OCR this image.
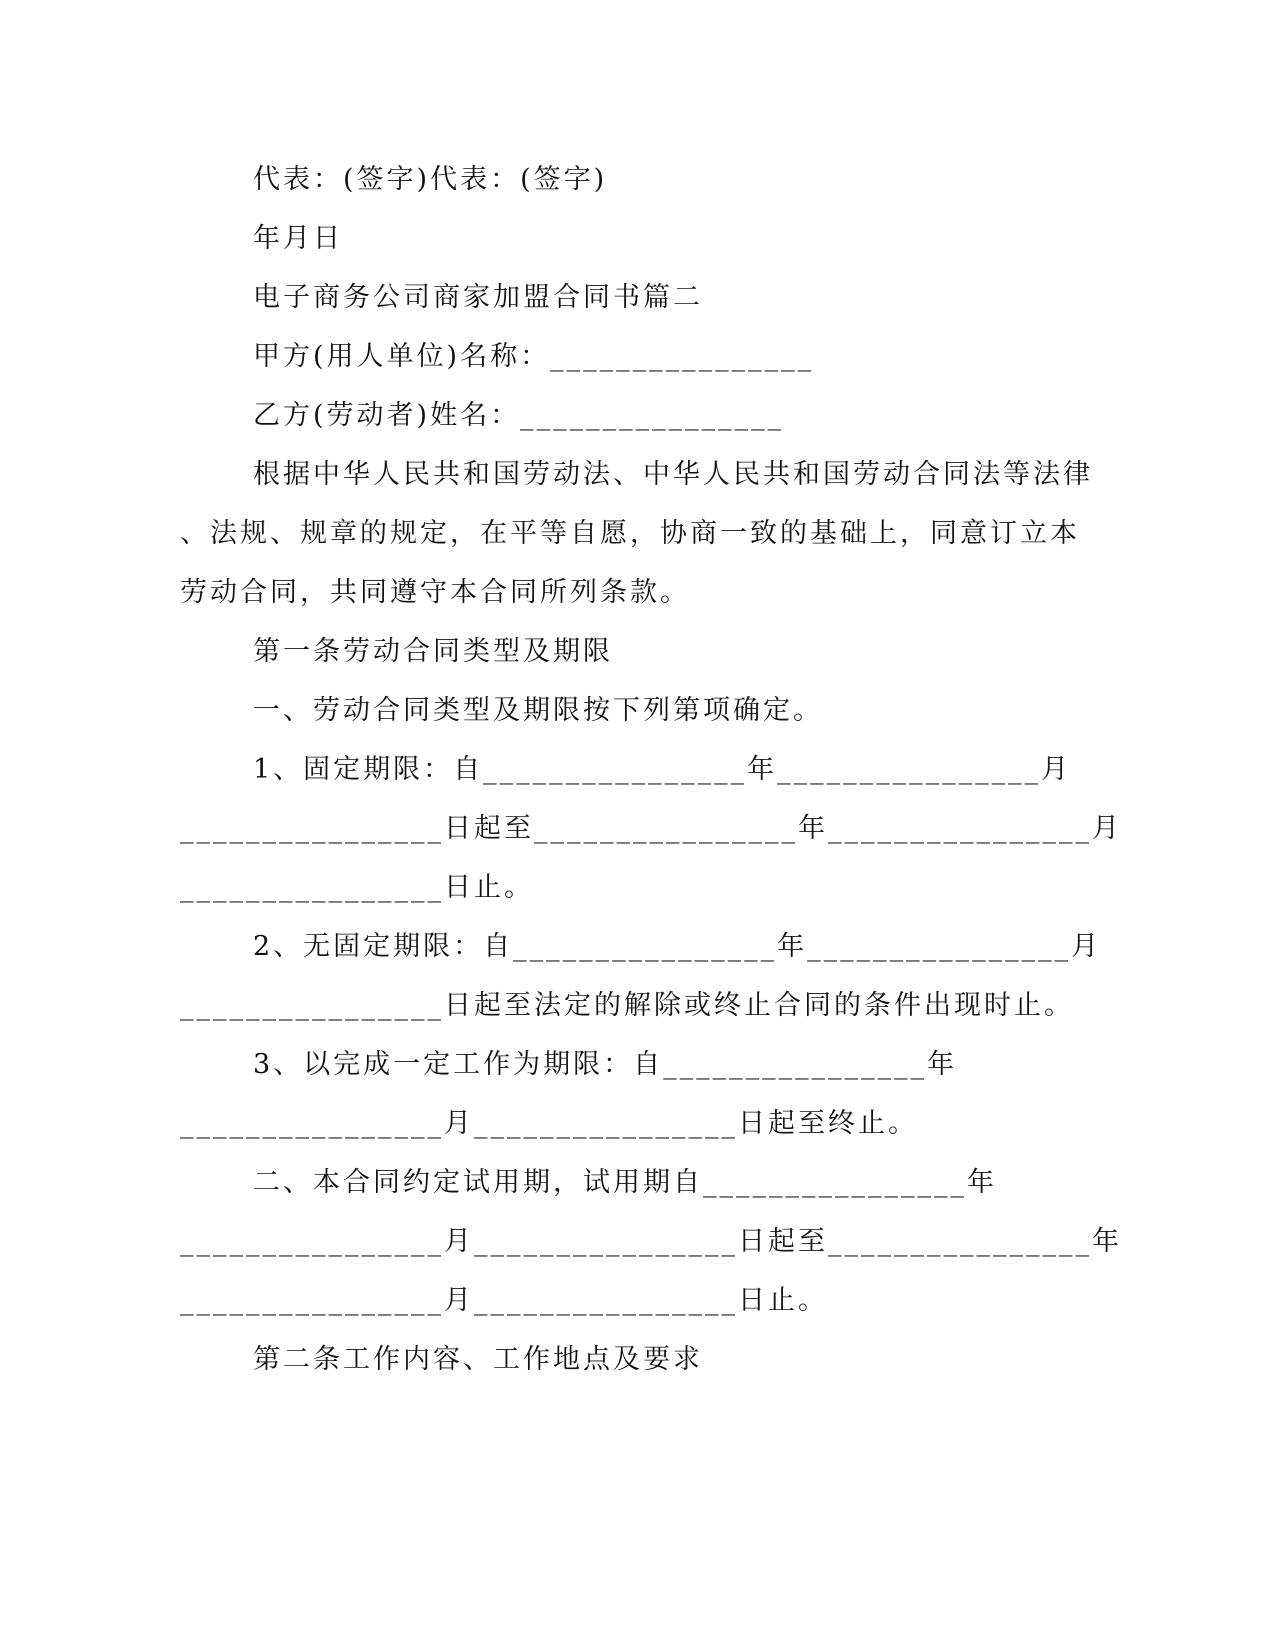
代表：(签字)代表：(签字)
年月日
电子商务公司商家加盟合同书篇二
甲方(用人单位)名称：________________
乙方(劳动者)姓名：________________
根据中华人民共和国劳动法、中华人民共和国劳动合同法等法律
、法规、规章的规定，在平等自愿，协商一致的基础上，同意订立本
劳动合同，共同遵守本合同所列条款。
第一条劳动合同类型及期限
一、劳动合同类型及期限按下列第项确定。
1、固定期限：自________________年________________月
________________日起至________________年________________月
________________日止。
2、无固定期限：自________________年________________月
________________日起至法定的解除或终止合同的条件出现时止。
3、以完成一定工作为期限：自________________年
________________月________________日起至终止。
二、本合同约定试用期，试用期自________________年
________________月________________日起至________________年
________________月________________日止。
第二条工作内容、工作地点及要求
